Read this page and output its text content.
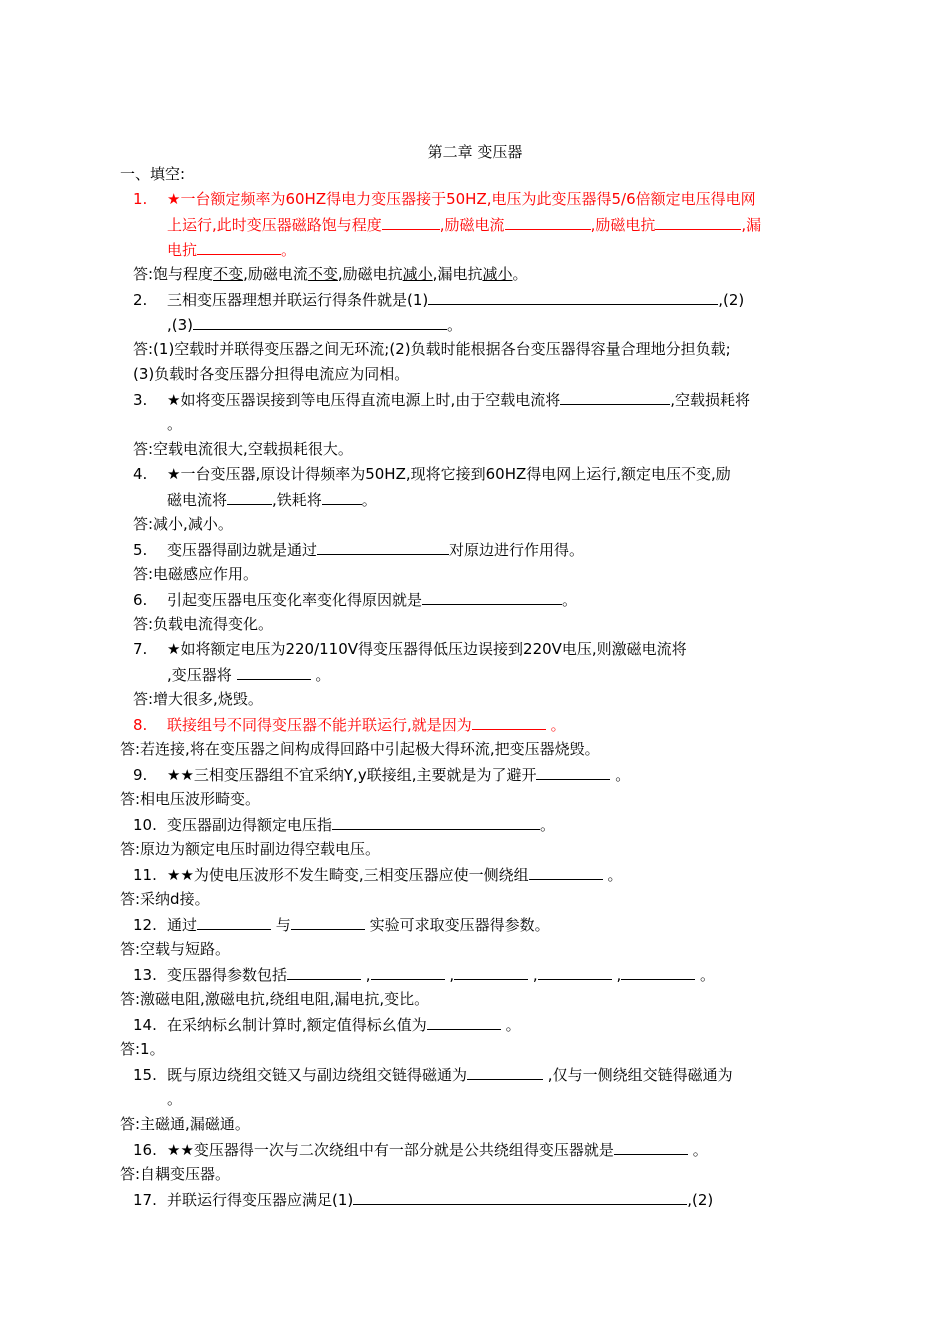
第二章 变压器
一、填空:
1. ★一台额定频率为60HZ得电力变压器接于50HZ,电压为此变压器得5/6倍额定电压得电网
上运行,此时变压器磁路饱与程度	,励磁电流	,励磁电抗	,漏
电抗	。
答:饱与程度不变,励磁电流不变,励磁电抗减小,漏电抗减小。
2. 三相变压器理想并联运行得条件就是(1)	,(2)
,(3)	。
答:(1)空载时并联得变压器之间无环流;(2)负载时能根据各台变压器得容量合理地分担负载;
(3)负载时各变压器分担得电流应为同相。
3. ★如将变压器误接到等电压得直流电源上时,由于空载电流将	,空载损耗将
。
答:空载电流很大,空载损耗很大。
4. ★一台变压器,原设计得频率为50HZ,现将它接到60HZ得电网上运行,额定电压不变,励
磁电流将	,铁耗将	。
答:减小,减小。
5. 变压器得副边就是通过	对原边进行作用得。
答:电磁感应作用。
6. 引起变压器电压变化率变化得原因就是	。
答:负载电流得变化。
7. ★如将额定电压为220/110V得变压器得低压边误接到220V电压,则激磁电流将
,变压器将	。
答:增大很多,烧毁。
8. 联接组号不同得变压器不能并联运行,就是因为	。
答:若连接,将在变压器之间构成得回路中引起极大得环流,把变压器烧毁。
9. ★★三相变压器组不宜采纳Y,y联接组,主要就是为了避开	。
答:相电压波形畸变。
10. 变压器副边得额定电压指	。
答:原边为额定电压时副边得空载电压。
11. ★★为使电压波形不发生畸变,三相变压器应使一侧绕组	。
答:采纳d接。
12. 通过	与	实验可求取变压器得参数。
答:空载与短路。
13. 变压器得参数包括	,	,	,	,	。
答:激磁电阻,激磁电抗,绕组电阻,漏电抗,变比。
14. 在采纳标幺制计算时,额定值得标幺值为	。
答:1。
15. 既与原边绕组交链又与副边绕组交链得磁通为	,仅与一侧绕组交链得磁通为
。
答:主磁通,漏磁通。
16. ★★变压器得一次与二次绕组中有一部分就是公共绕组得变压器就是	。
答:自耦变压器。
17. 并联运行得变压器应满足(1)	,(2)
